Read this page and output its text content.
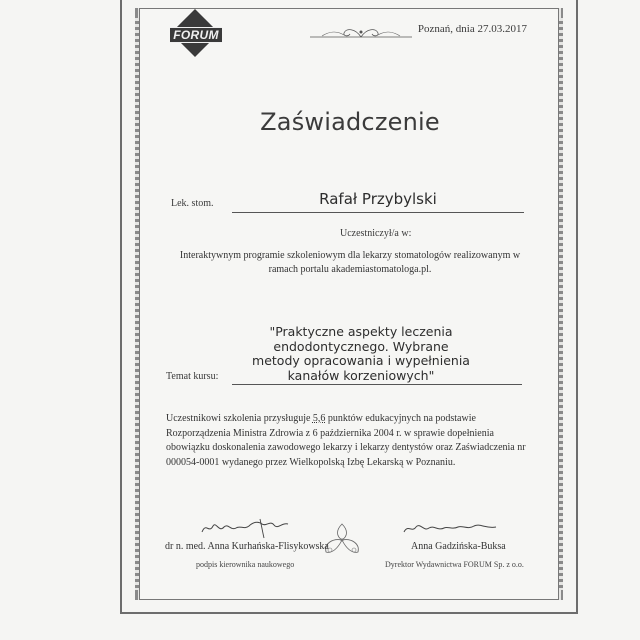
FORUM	Poznań, dnia 27.03.2017
Zaświadczenie
Lek. stom.	Rafał Przybylski
Uczestniczył/a w:
Interaktywnym programie szkoleniowym dla lekarzy stomatologów realizowanym w ramach portalu akademiastomatologa.pl.
"Praktyczne aspekty leczenia endodontycznego. Wybrane metody opracowania i wypełnienia kanałów korzeniowych"
Temat kursu:
Uczestnikowi szkolenia przysługuje 5,6 punktów edukacyjnych na podstawie Rozporządzenia Ministra Zdrowia z 6 października 2004 r. w sprawie dopełnienia obowiązku doskonalenia zawodowego lekarzy i lekarzy dentystów oraz Zaświadczenia nr 000054-0001 wydanego przez Wielkopolską Izbę Lekarską w Poznaniu.
dr n. med. Anna Kurhańska-Flisykowska
podpis kierownika naukowego
Anna Gadzińska-Buksa
Dyrektor Wydawnictwa FORUM Sp. z o.o.
